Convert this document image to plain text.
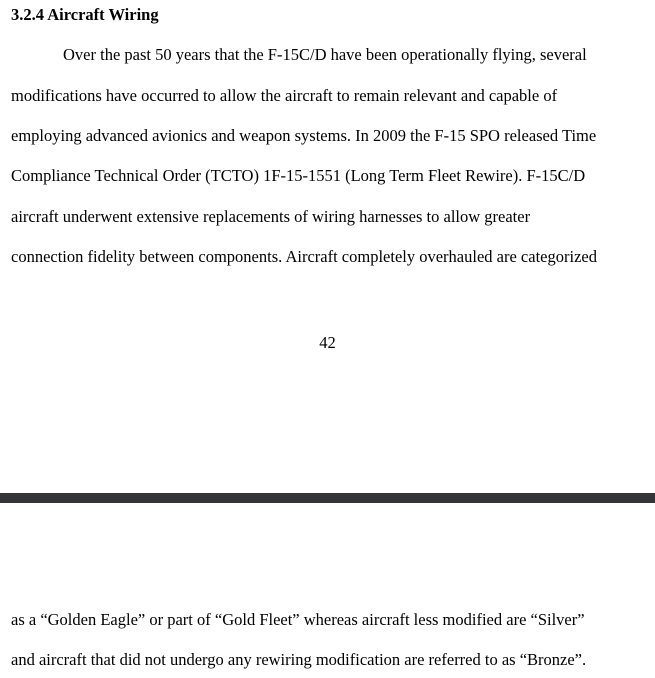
3.2.4 Aircraft Wiring
Over the past 50 years that the F-15C/D have been operationally flying, several
modifications have occurred to allow the aircraft to remain relevant and capable of
employing advanced avionics and weapon systems. In 2009 the F-15 SPO released Time
Compliance Technical Order (TCTO) 1F-15-1551 (Long Term Fleet Rewire). F-15C/D
aircraft underwent extensive replacements of wiring harnesses to allow greater
connection fidelity between components. Aircraft completely overhauled are categorized
42
as a “Golden Eagle” or part of “Gold Fleet” whereas aircraft less modified are “Silver”
and aircraft that did not undergo any rewiring modification are referred to as “Bronze”.
